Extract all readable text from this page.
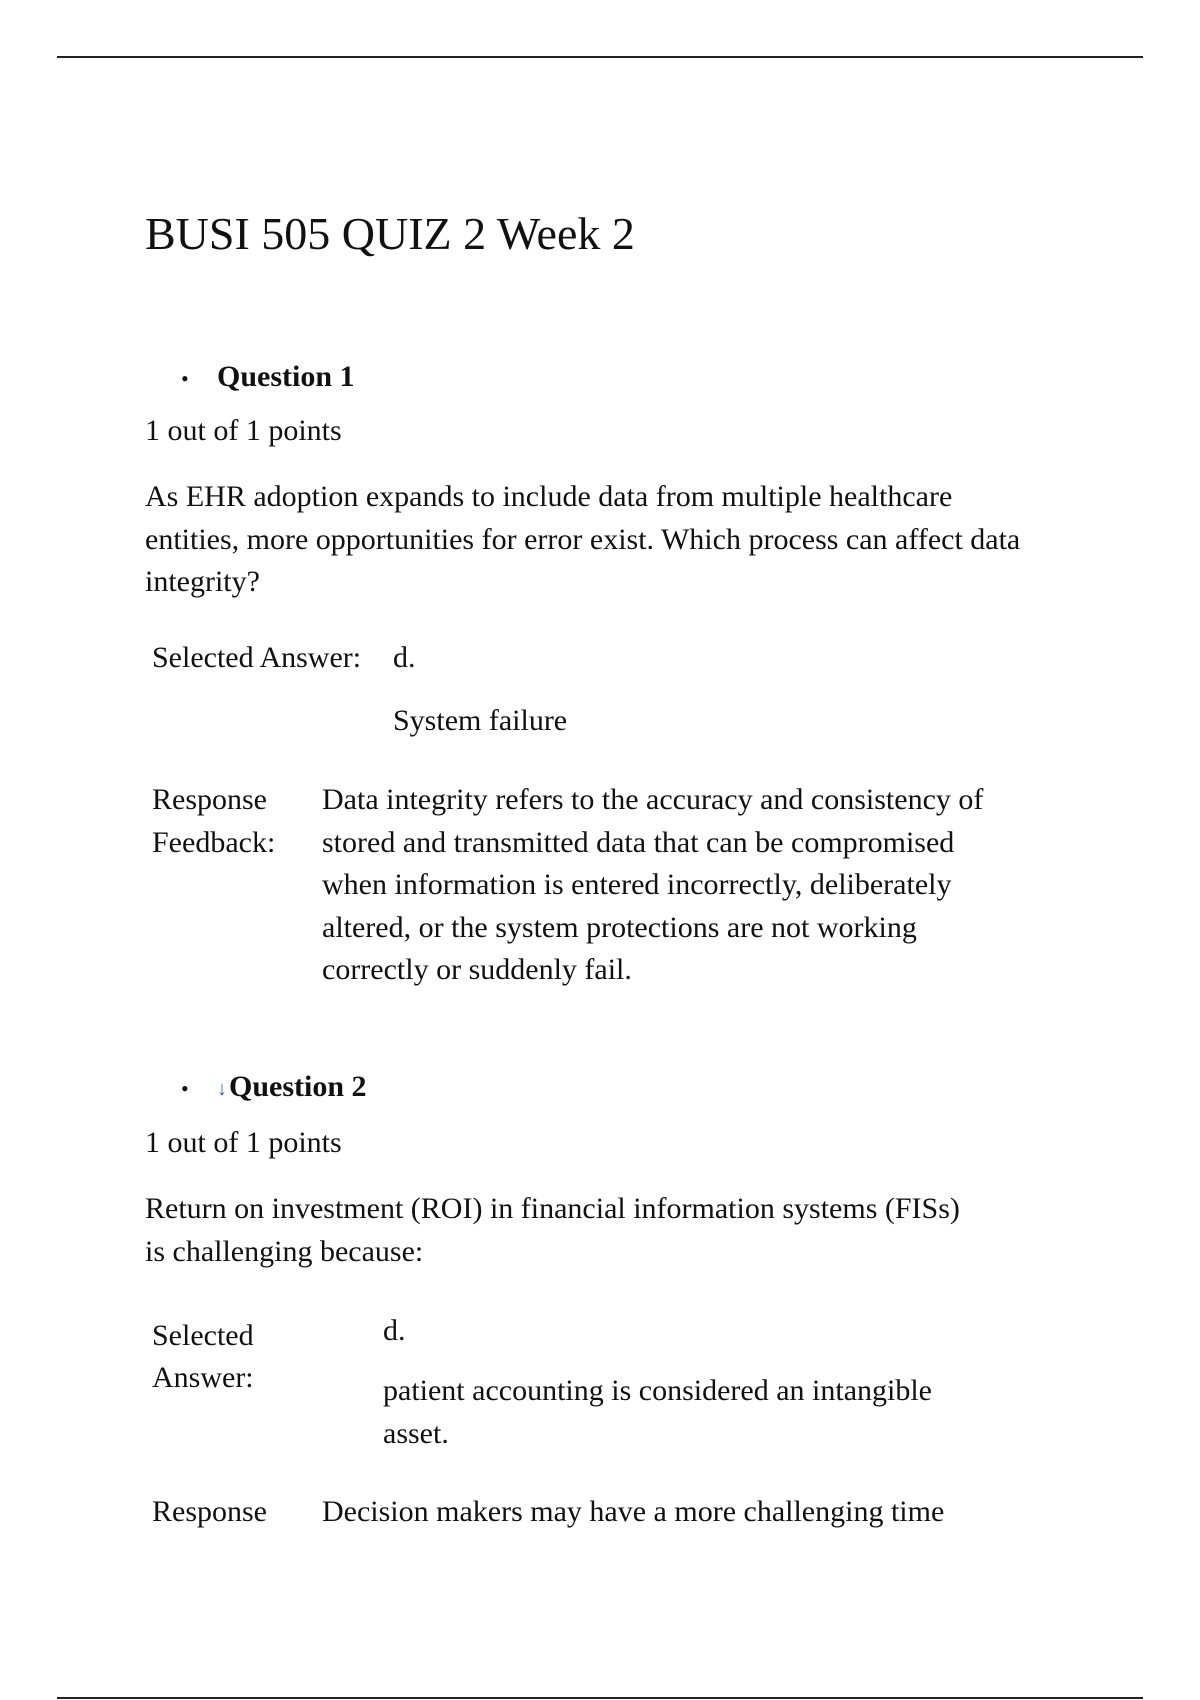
BUSI 505 QUIZ 2 Week 2
• Question 1
1 out of 1 points
As EHR adoption expands to include data from multiple healthcare entities, more opportunities for error exist. Which process can affect data integrity?
Selected Answer: d.
System failure
Response
Feedback:
Data integrity refers to the accuracy and consistency of stored and transmitted data that can be compromised when information is entered incorrectly, deliberately altered, or the system protections are not working correctly or suddenly fail.
• ↓Question 2
1 out of 1 points
Return on investment (ROI) in financial information systems (FISs) is challenging because:
Selected
Answer:
d.
patient accounting is considered an intangible asset.
Response Decision makers may have a more challenging time
